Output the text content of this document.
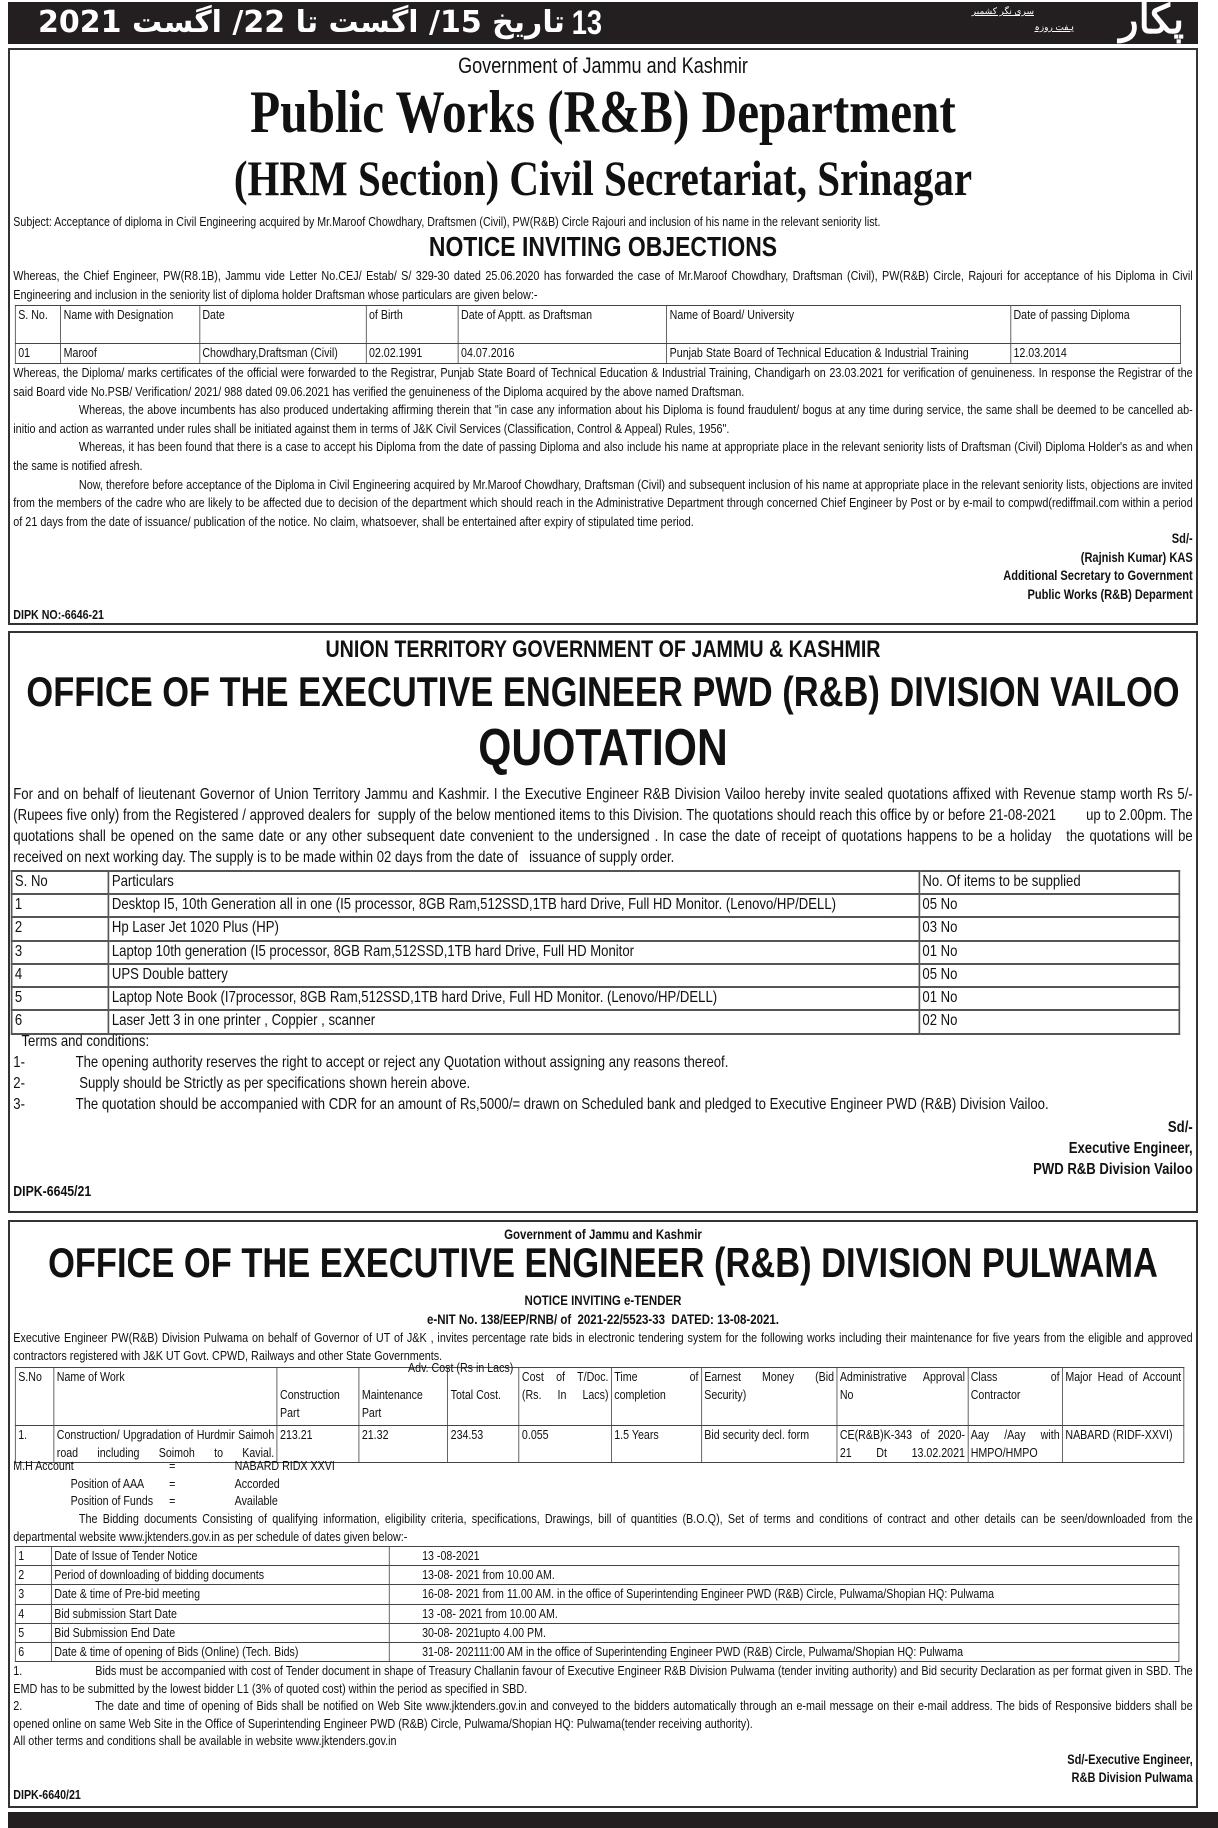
تاریخ 15/ اگست تا 22/ اگست 2021 13	سری نگر کشمیر
ہفت روزہ پکار
Government of Jammu and Kashmir
Public Works (R&B) Department
(HRM Section) Civil Secretariat, Srinagar
Subject: Acceptance of diploma in Civil Engineering acquired by Mr.Maroof Chowdhary, Draftsmen (Civil), PW(R&B) Circle Rajouri and inclusion of his name in the relevant seniority list.
NOTICE INVITING OBJECTIONS
Whereas, the Chief Engineer, PW(R8.1B), Jammu vide Letter No.CEJ/ Estab/ S/ 329-30 dated 25.06.2020 has forwarded the case of Mr.Maroof Chowdhary, Draftsman (Civil), PW(R&B) Circle, Rajouri for acceptance of his Diploma in Civil Engineering and inclusion in the seniority list of diploma holder Draftsman whose particulars are given below:-
S. No.	Name with Designation	Date	of Birth	Date of Apptt. as Draftsman	Name of Board/ University	Date of passing Diploma
01	Maroof	Chowdhary,Draftsman (Civil)	02.02.1991	04.07.2016	Punjab State Board of Technical Education & Industrial Training	12.03.2014

Whereas, the Diploma/ marks certificates of the official were forwarded to the Registrar, Punjab State Board of Technical Education & Industrial Training, Chandigarh on 23.03.2021 for verification of genuineness. In response the Registrar of the said Board vide No.PSB/ Verification/ 2021/ 988 dated 09.06.2021 has verified the genuineness of the Diploma acquired by the above named Draftsman.

Whereas, the above incumbents has also produced undertaking affirming therein that "in case any information about his Diploma is found fraudulent/ bogus at any time during service, the same shall be deemed to be cancelled ab-initio and action as warranted under rules shall be initiated against them in terms of J&K Civil Services (Classification, Control & Appeal) Rules, 1956".

Whereas, it has been found that there is a case to accept his Diploma from the date of passing Diploma and also include his name at appropriate place in the relevant seniority lists of Draftsman (Civil) Diploma Holder's as and when the same is notified afresh.

Now, therefore before acceptance of the Diploma in Civil Engineering acquired by Mr.Maroof Chowdhary, Draftsman (Civil) and subsequent inclusion of his name at appropriate place in the relevant seniority lists, objections are invited from the members of the cadre who are likely to be affected due to decision of the department which should reach in the Administrative Department through concerned Chief Engineer by Post or by e-mail to compwd(rediffmail.com within a period of 21 days from the date of issuance/ publication of the notice. No claim, whatsoever, shall be entertained after expiry of stipulated time period.

Sd/-
(Rajnish Kumar) KAS
Additional Secretary to Government
Public Works (R&B) Deparment
DIPK NO:-6646-21
UNION TERRITORY GOVERNMENT OF JAMMU & KASHMIR
OFFICE OF THE EXECUTIVE ENGINEER PWD (R&B) DIVISION VAILOO
QUOTATION
For and on behalf of lieutenant Governor of Union Territory Jammu and Kashmir. I the Executive Engineer R&B Division Vailoo hereby invite sealed quotations affixed with Revenue stamp worth Rs 5/- (Rupees five only) from the Registered / approved dealers for  supply of the below mentioned items to this Division. The quotations should reach this office by or before 21-08-2021        up to 2.00pm. The quotations shall be opened on the same date or any other subsequent date convenient to the undersigned . In case the date of receipt of quotations happens to be a holiday   the quotations will be received on next working day. The supply is to be made within 02 days from the date of   issuance of supply order.
S. No	Particulars	No. Of items to be supplied
1	Desktop I5, 10th Generation all in one (I5 processor, 8GB Ram,512SSD,1TB hard Drive, Full HD Monitor. (Lenovo/HP/DELL)	05 No
2	Hp Laser Jet 1020 Plus (HP)	03 No
3	Laptop 10th generation (I5 processor, 8GB Ram,512SSD,1TB hard Drive, Full HD Monitor	01 No
4	UPS Double battery	05 No
5	Laptop Note Book (I7processor, 8GB Ram,512SSD,1TB hard Drive, Full HD Monitor. (Lenovo/HP/DELL)	01 No
6	Laser Jett 3 in one printer , Coppier , scanner	02 No
Terms and conditions:
1-	The opening authority reserves the right to accept or reject any Quotation without assigning any reasons thereof.
2-	Supply should be Strictly as per specifications shown herein above.
3-	The quotation should be accompanied with CDR for an amount of Rs,5000/= drawn on Scheduled bank and pledged to Executive Engineer PWD (R&B) Division Vailoo.
Sd/-
Executive Engineer,
PWD R&B Division Vailoo
DIPK-6645/21
Government of Jammu and Kashmir
OFFICE OF THE EXECUTIVE ENGINEER (R&B) DIVISION PULWAMA
NOTICE INVITING e-TENDER
e-NIT No. 138/EEP/RNB/ of  2021-22/5523-33  DATED: 13-08-2021.
Executive Engineer PW(R&B) Division Pulwama on behalf of Governor of UT of J&K , invites percentage rate bids in electronic tendering system for the following works including their maintenance for five years from the eligible and approved contractors registered with J&K UT Govt. CPWD, Railways and other State Governments.
Adv. Cost (Rs in Lacs)
S.No	Name of Work	Construction Part	Maintenance Part	Total Cost.	Cost of T/Doc. (Rs. In Lacs)	Time of completion	Earnest Money (Bid Security)	Administrative Approval No	Class of Contractor	Major Head of Account
1.	Construction/ Upgradation of Hurdmir Saimoh road including Soimoh to Kavial.	213.21	21.32	234.53	0.055	1.5 Years	Bid security decl. form	CE(R&B)K-343 of 2020-21 Dt 13.02.2021	Aay /Aay with HMPO/HMPO	NABARD (RIDF-XXVI)
M.H Account	=	NABARD RIDX XXVI
Position of AAA	=	Accorded
Position of Funds	=	Available
The Bidding documents Consisting of qualifying information, eligibility criteria, specifications, Drawings, bill of quantities (B.O.Q), Set of terms and conditions of contract and other details can be seen/downloaded from the departmental website www.jktenders.gov.in as per schedule of dates given below:-
1	Date of Issue of Tender Notice	13 -08-2021
2	Period of downloading of bidding documents	13-08- 2021 from 10.00 AM.
3	Date & time of Pre-bid meeting	16-08- 2021 from 11.00 AM. in the office of Superintending Engineer PWD (R&B) Circle, Pulwama/Shopian HQ: Pulwama
4	Bid submission Start Date	13 -08- 2021 from 10.00 AM.
5	Bid Submission End Date	30-08- 2021upto 4.00 PM.
6	Date & time of opening of Bids (Online) (Tech. Bids)	31-08- 202111:00 AM in the office of Superintending Engineer PWD (R&B) Circle, Pulwama/Shopian HQ: Pulwama

1.	Bids must be accompanied with cost of Tender document in shape of Treasury Challanin favour of Executive Engineer R&B Division Pulwama (tender inviting authority) and Bid security Declaration as per format given in SBD. The EMD has to be submitted by the lowest bidder L1 (3% of quoted cost) within the period as specified in SBD.

2.	The date and time of opening of Bids shall be notified on Web Site www.jktenders.gov.in and conveyed to the bidders automatically through an e-mail message on their e-mail address. The bids of Responsive bidders shall be opened online on same Web Site in the Office of Superintending Engineer PWD (R&B) Circle, Pulwama/Shopian HQ: Pulwama(tender receiving authority).

All other terms and conditions shall be available in website www.jktenders.gov.in
Sd/-Executive Engineer,
R&B Division Pulwama
DIPK-6640/21
